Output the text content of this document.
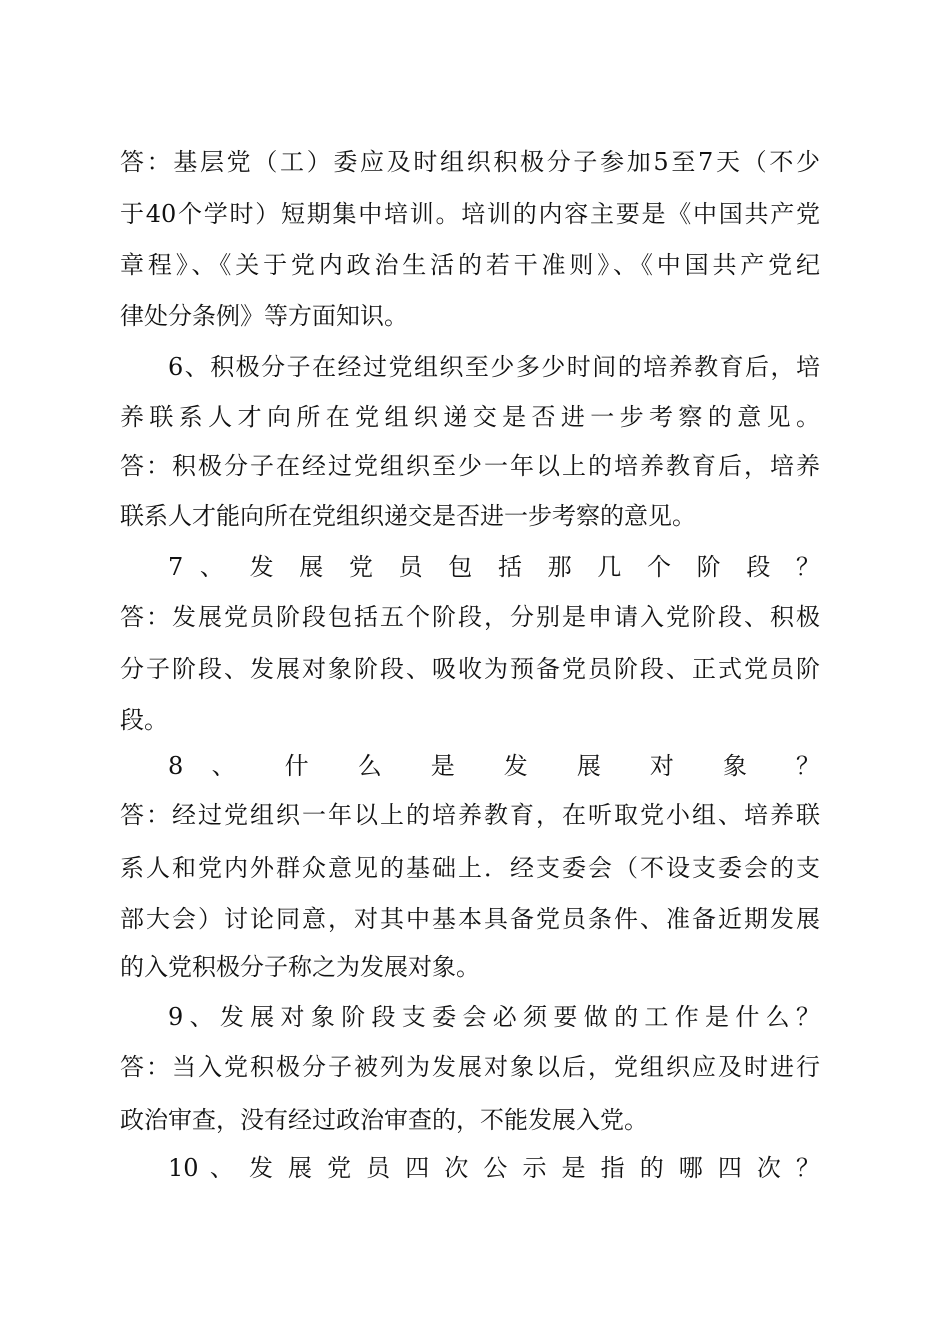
答：基层党（工）委应及时组织积极分子参加5至7天（不少
于40个学时）短期集中培训。培训的内容主要是《中国共产党
章程》、《关于党内政治生活的若干准则》、《中国共产党纪
律处分条例》等方面知识。
6、积极分子在经过党组织至少多少时间的培养教育后，培
养联系人才向所在党组织递交是否进一步考察的意见。
答：积极分子在经过党组织至少一年以上的培养教育后，培养
联系人才能向所在党组织递交是否进一步考察的意见。
7 、 发 展 党 员 包 括 那 几 个 阶 段 ？
答：发展党员阶段包括五个阶段，分别是申请入党阶段、积极
分子阶段、发展对象阶段、吸收为预备党员阶段、正式党员阶
段。
8 、 什 么 是 发 展 对 象 ？
答：经过党组织一年以上的培养教育，在听取党小组、培养联
系人和党内外群众意见的基础上．经支委会（不设支委会的支
部大会）讨论同意，对其中基本具备党员条件、准备近期发展
的入党积极分子称之为发展对象。
9、发展对象阶段支委会必须要做的工作是什么？
答：当入党积极分子被列为发展对象以后，党组织应及时进行
政治审查，没有经过政治审查的，不能发展入党。
10 、 发 展 党 员 四 次 公 示 是 指 的 哪 四 次 ？
